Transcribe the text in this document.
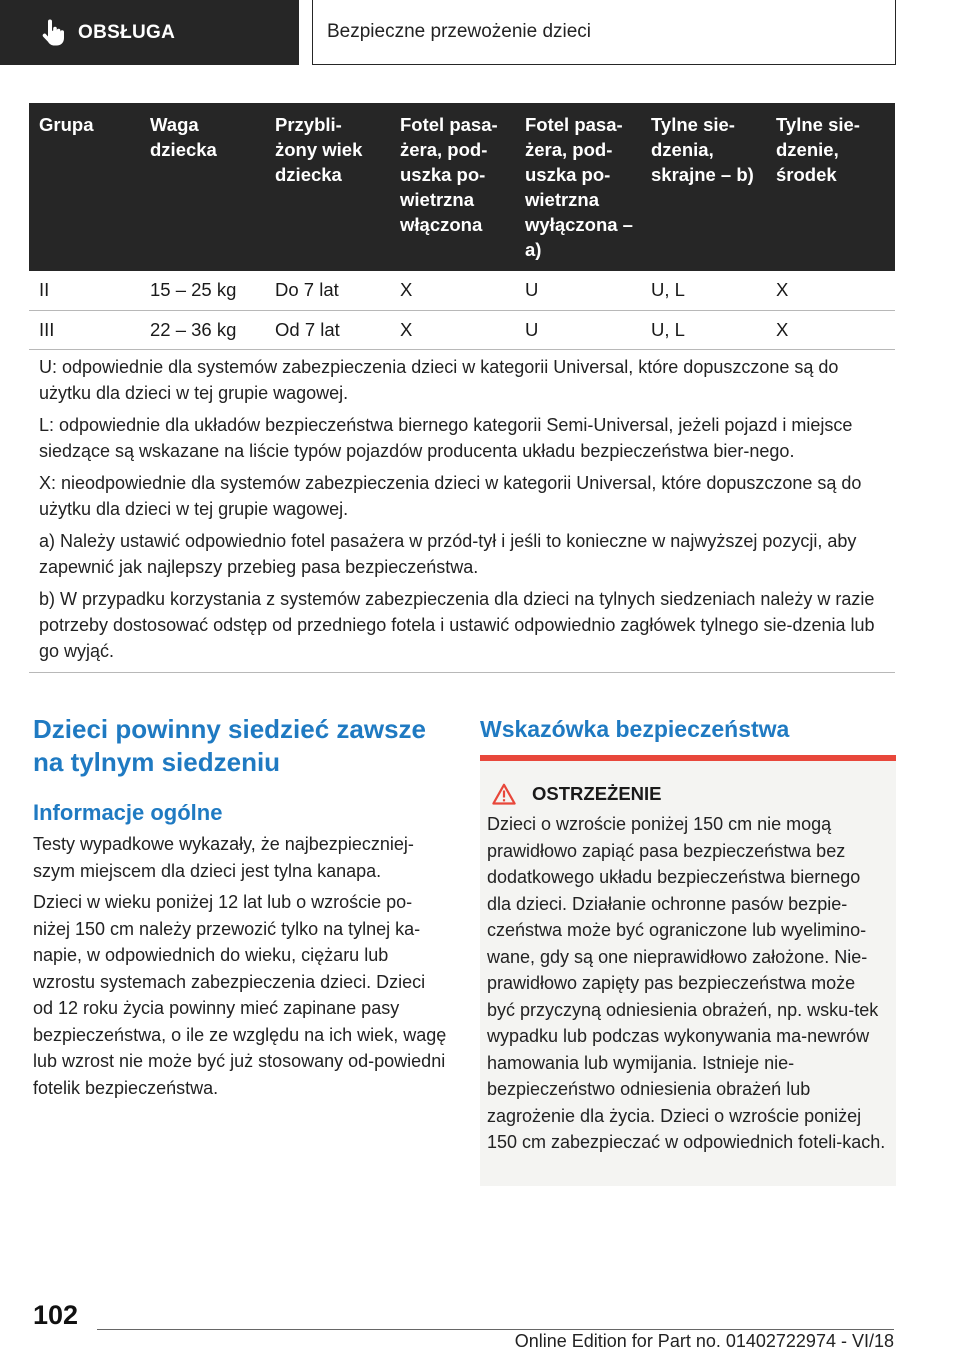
OBSŁUGA	Bezpieczne przewożenie dzieci
Grupa	Waga dziecka	Przybli-żony wiek dziecka	Fotel pasa-żera, pod-uszka po-wietrzna włączona	Fotel pasa-żera, pod-uszka po-wietrzna wyłączona – a)	Tylne sie-dzenia, skrajne – b)	Tylne sie-dzenie, środek
II	15 – 25 kg	Do 7 lat	X	U	U, L	X
III	22 – 36 kg	Od 7 lat	X	U	U, L	X

U: odpowiednie dla systemów zabezpieczenia dzieci w kategorii Universal, które dopuszczone są do użytku dla dzieci w tej grupie wagowej.

L: odpowiednie dla układów bezpieczeństwa biernego kategorii Semi-Universal, jeżeli pojazd i miejsce siedzące są wskazane na liście typów pojazdów producenta układu bezpieczeństwa bier-nego.

X: nieodpowiednie dla systemów zabezpieczenia dzieci w kategorii Universal, które dopuszczone są do użytku dla dzieci w tej grupie wagowej.

a) Należy ustawić odpowiednio fotel pasażera w przód-tył i jeśli to konieczne w najwyższej pozycji, aby zapewnić jak najlepszy przebieg pasa bezpieczeństwa.

b) W przypadku korzystania z systemów zabezpieczenia dla dzieci na tylnych siedzeniach należy w razie potrzeby dostosować odstęp od przedniego fotela i ustawić odpowiednio zagłówek tylnego sie-dzenia lub go wyjąć.

Dzieci powinny siedzieć zawsze na tylnym siedzeniu
Informacje ogólne

Testy wypadkowe wykazały, że najbezpieczniej-szym miejscem dla dzieci jest tylna kanapa.

Dzieci w wieku poniżej 12 lat lub o wzroście po-niżej 150 cm należy przewozić tylko na tylnej ka-napie, w odpowiednich do wieku, ciężaru lub wzrostu systemach zabezpieczenia dzieci. Dzieci od 12 roku życia powinny mieć zapinane pasy bezpieczeństwa, o ile ze względu na ich wiek, wagę lub wzrost nie może być już stosowany od-powiedni fotelik bezpieczeństwa.

Wskazówka bezpieczeństwa
OSTRZEŻENIE

Dzieci o wzroście poniżej 150 cm nie mogą prawidłowo zapiąć pasa bezpieczeństwa bez dodatkowego układu bezpieczeństwa biernego dla dzieci. Działanie ochronne pasów bezpie-czeństwa może być ograniczone lub wyelimino-wane, gdy są one nieprawidłowo założone. Nie-prawidłowo zapięty pas bezpieczeństwa może być przyczyną odniesienia obrażeń, np. wsku-tek wypadku lub podczas wykonywania ma-newrów hamowania lub wymijania. Istnieje nie-bezpieczeństwo odniesienia obrażeń lub zagrożenie dla życia. Dzieci o wzroście poniżej 150 cm zabezpieczać w odpowiednich foteli-kach.

102
Online Edition for Part no. 01402722974 - VI/18
